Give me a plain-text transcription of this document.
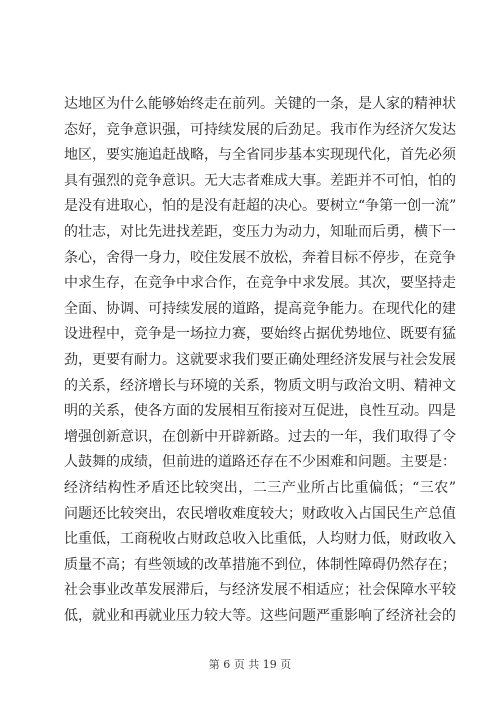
达地区为什么能够始终走在前列。关键的一条，是人家的精神状
态好，竞争意识强，可持续发展的后劲足。我市作为经济欠发达
地区，要实施追赶战略，与全省同步基本实现现代化，首先必须
具有强烈的竞争意识。无大志者难成大事。差距并不可怕，怕的
是没有进取心，怕的是没有赶超的决心。要树立“争第一创一流”
的壮志，对比先进找差距，变压力为动力，知耻而后勇，横下一
条心，舍得一身力，咬住发展不放松，奔着目标不停步，在竞争
中求生存，在竞争中求合作，在竞争中求发展。其次，要坚持走
全面、协调、可持续发展的道路，提高竞争能力。在现代化的建
设进程中，竞争是一场拉力赛，要始终占据优势地位、既要有猛
劲，更要有耐力。这就要求我们要正确处理经济发展与社会发展
的关系，经济增长与环境的关系，物质文明与政治文明、精神文
明的关系，使各方面的发展相互衔接对互促进，良性互动。四是
增强创新意识，在创新中开辟新路。过去的一年，我们取得了令
人鼓舞的成绩，但前进的道路还存在不少困难和问题。主要是：
经济结构性矛盾还比较突出，二三产业所占比重偏低；“三农”
问题还比较突出，农民增收难度较大；财政收入占国民生产总值
比重低，工商税收占财政总收入比重低，人均财力低，财政收入
质量不高；有些领域的改革措施不到位，体制性障碍仍然存在；
社会事业改革发展滞后，与经济发展不相适应；社会保障水平较
低，就业和再就业压力较大等。这些问题严重影响了经济社会的
第 6 页 共 19 页
